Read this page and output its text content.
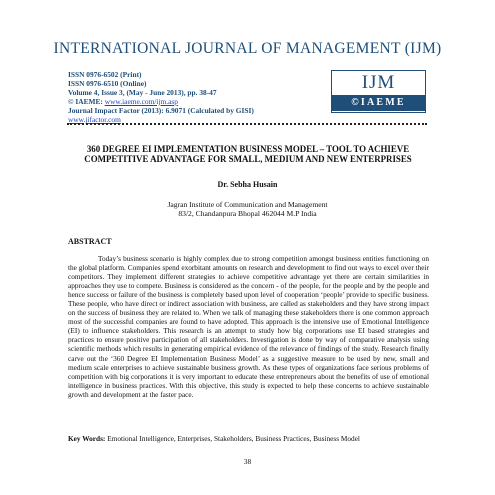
INTERNATIONAL JOURNAL OF MANAGEMENT (IJM)
ISSN 0976-6502 (Print)
ISSN 0976-6510 (Online)
Volume 4, Issue 3, (May - June 2013), pp. 38-47
© IAEME: www.iaeme.com/ijm.asp
Journal Impact Factor (2013): 6.9071 (Calculated by GISI)
www.jifactor.com
IJM
©IAEME
360 DEGREE EI IMPLEMENTATION BUSINESS MODEL – TOOL TO ACHIEVE COMPETITIVE ADVANTAGE FOR SMALL, MEDIUM AND NEW ENTERPRISES
Dr. Sebha Husain
Jagran Institute of Communication and Management
83/2, Chandanpura Bhopal 462044 M.P India
ABSTRACT
Today’s business scenario is highly complex due to strong competition amongst business entities functioning on the global platform. Companies spend exorbitant amounts on research and development to find out ways to excel over their competitors. They implement different strategies to achieve competitive advantage yet there are certain similarities in approaches they use to compete. Business is considered as the concern - of the people, for the people and by the people and hence success or failure of the business is completely based upon level of cooperation ‘people’ provide to specific business. These people, who have direct or indirect association with business, are called as stakeholders and they have strong impact on the success of business they are related to. When we talk of managing these stakeholders there is one common approach most of the successful companies are found to have adopted. This approach is the intensive use of Emotional Intelligence (EI) to influence stakeholders. This research is an attempt to study how big corporations use EI based strategies and practices to ensure positive participation of all stakeholders. Investigation is done by way of comparative analysis using scientific methods which results in generating empirical evidence of the relevance of findings of the study. Research finally carve out the ‘360 Degree EI Implementation Business Model’ as a suggestive measure to be used by new, small and medium scale enterprises to achieve sustainable business growth. As these types of organizations face serious problems of competition with big corporations it is very important to educate these entrepreneurs about the benefits of use of emotional intelligence in business practices. With this objective, this study is expected to help these concerns to achieve sustainable growth and development at the faster pace.
Key Words: Emotional Intelligence, Enterprises, Stakeholders, Business Practices, Business Model
38
